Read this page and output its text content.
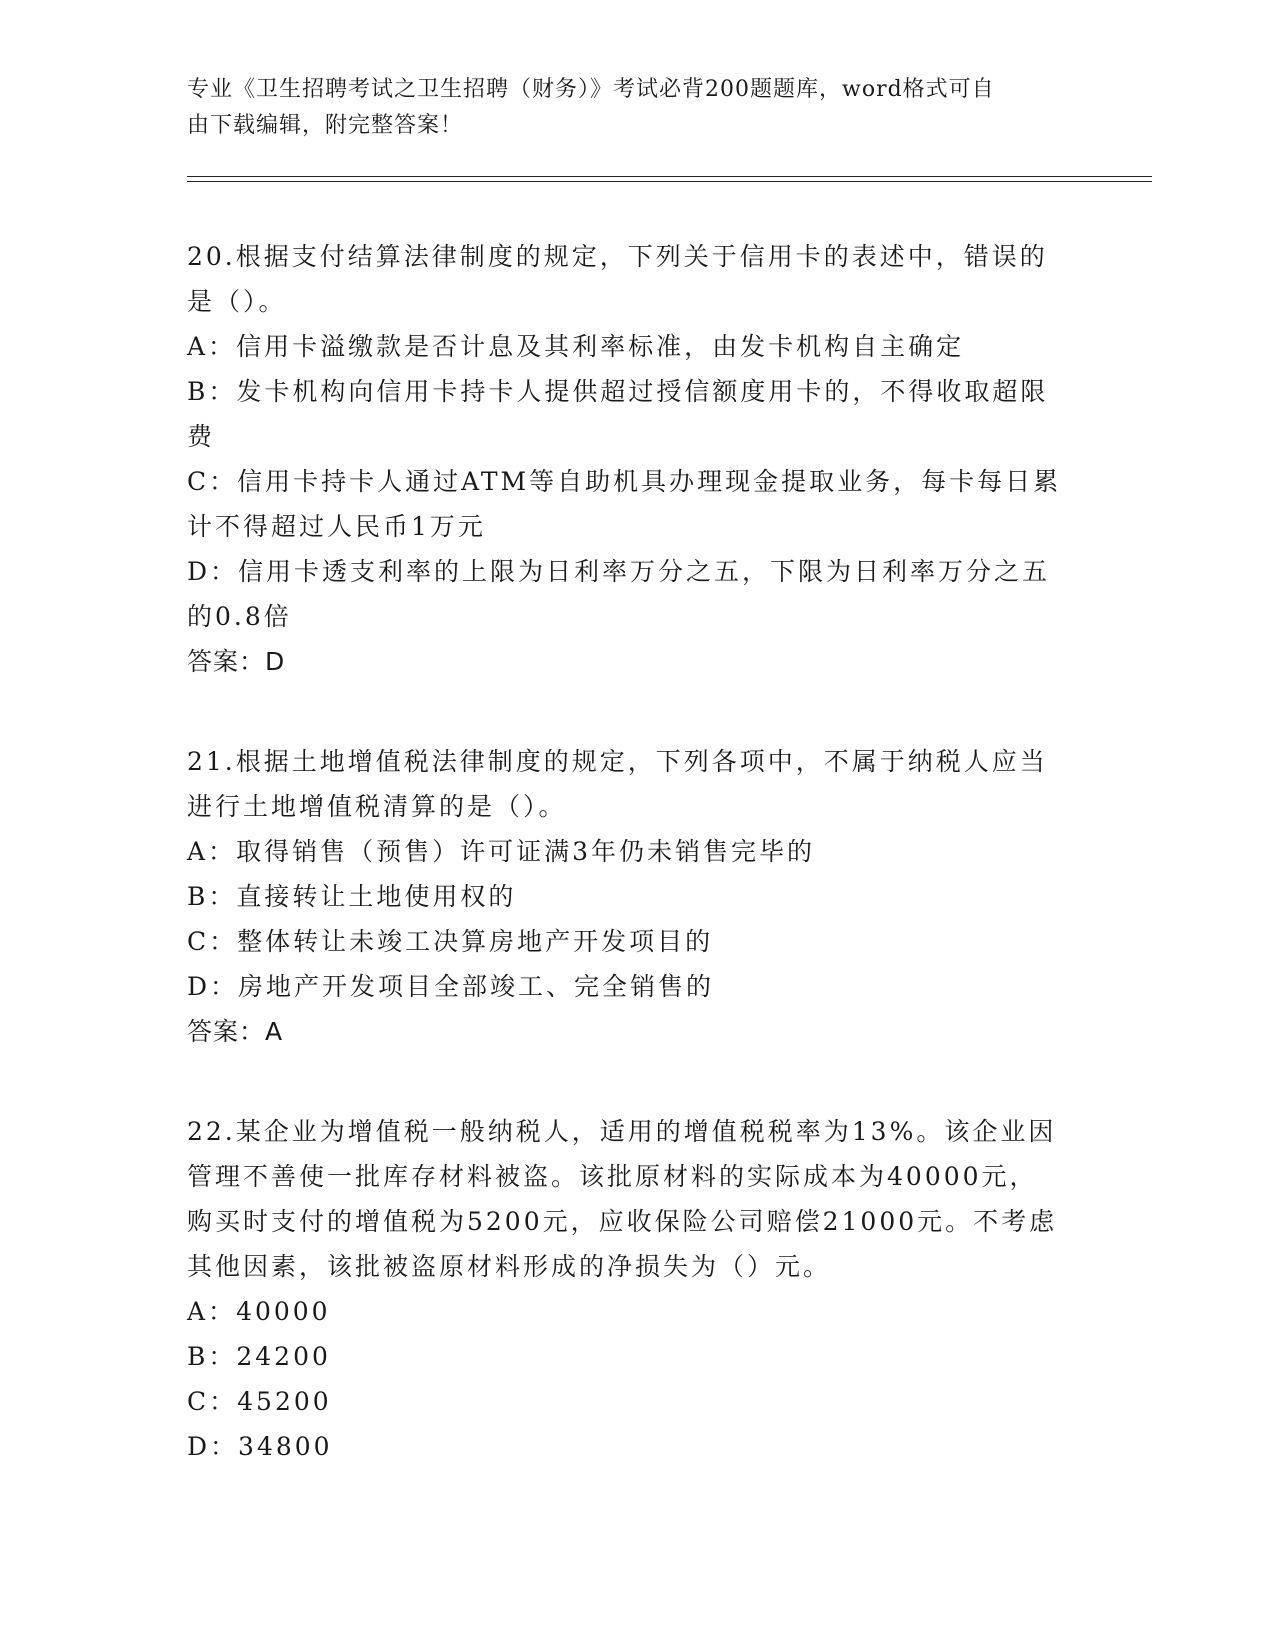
专业《卫生招聘考试之卫生招聘（财务）》考试必背200题题库，word格式可自
由下载编辑，附完整答案！

20.根据支付结算法律制度的规定，下列关于信用卡的表述中，错误的

是（）。

A：信用卡溢缴款是否计息及其利率标准，由发卡机构自主确定

B：发卡机构向信用卡持卡人提供超过授信额度用卡的，不得收取超限

费

C：信用卡持卡人通过ATM等自助机具办理现金提取业务，每卡每日累

计不得超过人民币1万元

D：信用卡透支利率的上限为日利率万分之五，下限为日利率万分之五

的0.8倍

答案：D

21.根据土地增值税法律制度的规定，下列各项中，不属于纳税人应当

进行土地增值税清算的是（）。

A：取得销售（预售）许可证满3年仍未销售完毕的

B：直接转让土地使用权的

C：整体转让未竣工决算房地产开发项目的

D：房地产开发项目全部竣工、完全销售的

答案：A

22.某企业为增值税一般纳税人，适用的增值税税率为13%。该企业因

管理不善使一批库存材料被盗。该批原材料的实际成本为40000元，

购买时支付的增值税为5200元，应收保险公司赔偿21000元。不考虑

其他因素，该批被盗原材料形成的净损失为（）元。

A：40000

B：24200

C：45200

D：34800
